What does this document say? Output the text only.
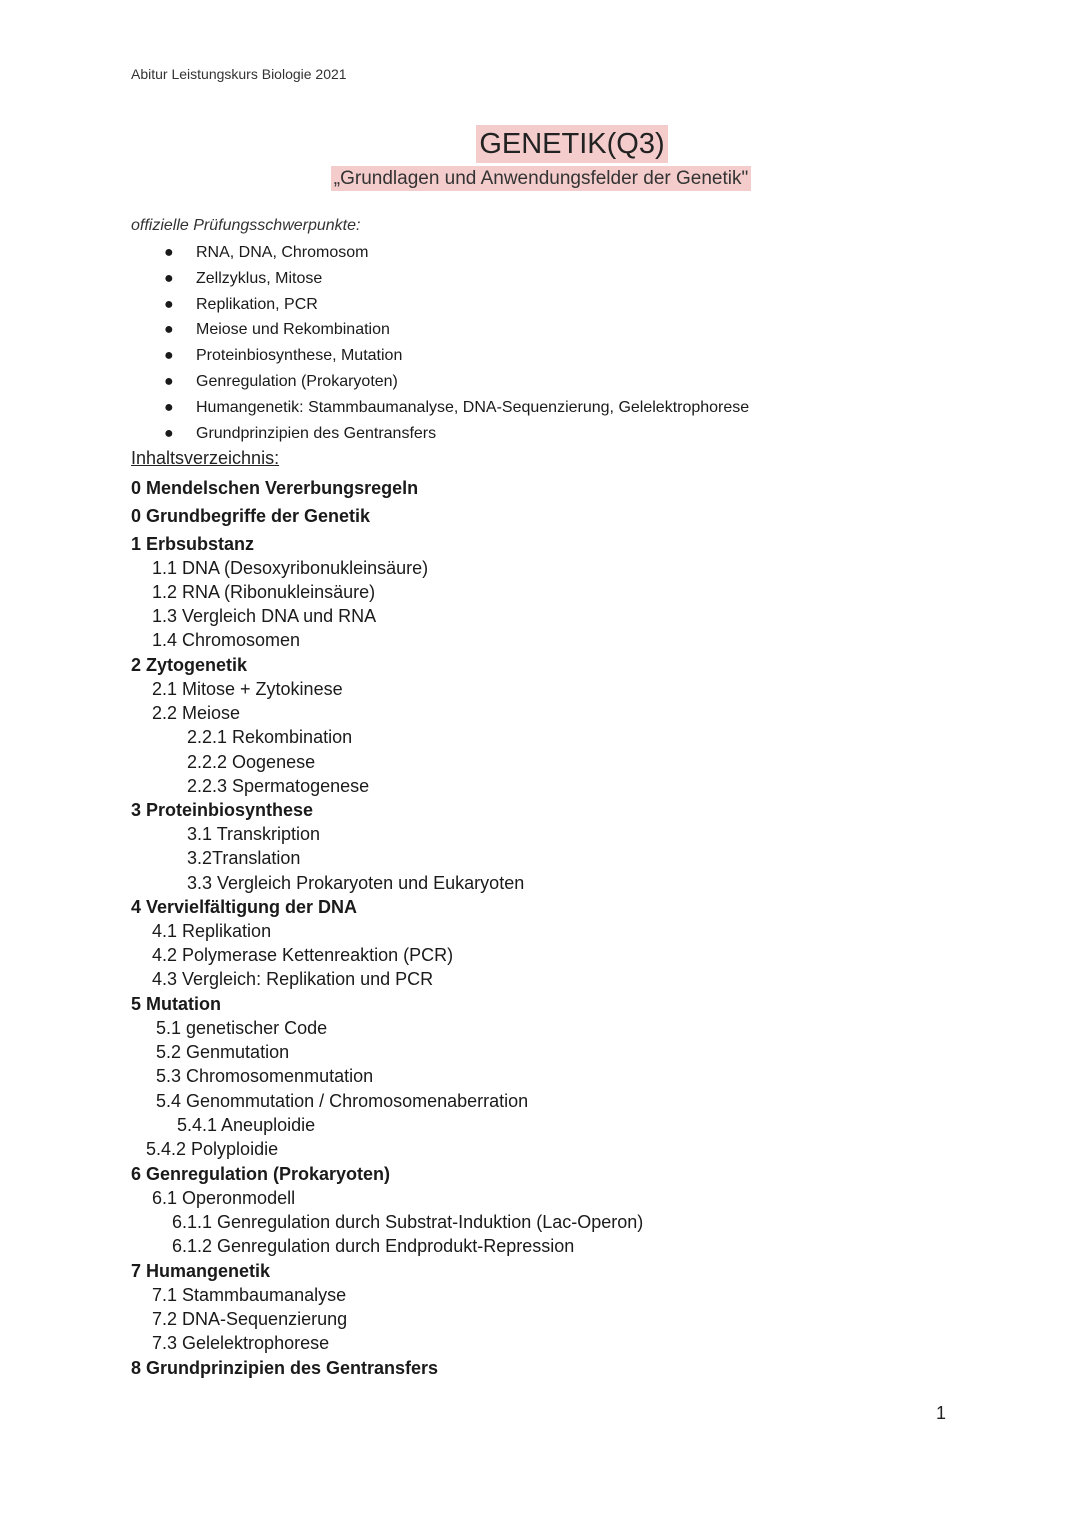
Abitur Leistungskurs Biologie 2021
GENETIK(Q3)
„Grundlagen und Anwendungsfelder der Genetik"
offizielle Prüfungsschwerpunkte:
● RNA, DNA, Chromosom
● Zellzyklus, Mitose
● Replikation, PCR
● Meiose und Rekombination
● Proteinbiosynthese, Mutation
● Genregulation (Prokaryoten)
● Humangenetik: Stammbaumanalyse, DNA-Sequenzierung, Gelelektrophorese
● Grundprinzipien des Gentransfers
Inhaltsverzeichnis:
0 Mendelschen Vererbungsregeln
0 Grundbegriffe der Genetik
1 Erbsubstanz
1.1 DNA (Desoxyribonukleinsäure)
1.2 RNA (Ribonukleinsäure)
1.3 Vergleich DNA und RNA
1.4 Chromosomen
2 Zytogenetik
2.1 Mitose + Zytokinese
2.2 Meiose
2.2.1 Rekombination
2.2.2 Oogenese
2.2.3 Spermatogenese
3 Proteinbiosynthese
3.1 Transkription
3.2Translation
3.3 Vergleich Prokaryoten und Eukaryoten
4 Vervielfältigung der DNA
4.1 Replikation
4.2 Polymerase Kettenreaktion (PCR)
4.3 Vergleich: Replikation und PCR
5 Mutation
5.1 genetischer Code
5.2 Genmutation
5.3 Chromosomenmutation
5.4 Genommutation / Chromosomenaberration
5.4.1 Aneuploidie
5.4.2 Polyploidie
6 Genregulation (Prokaryoten)
6.1 Operonmodell
6.1.1 Genregulation durch Substrat-Induktion (Lac-Operon)
6.1.2 Genregulation durch Endprodukt-Repression
7 Humangenetik
7.1 Stammbaumanalyse
7.2 DNA-Sequenzierung
7.3 Gelelektrophorese
8 Grundprinzipien des Gentransfers
1
